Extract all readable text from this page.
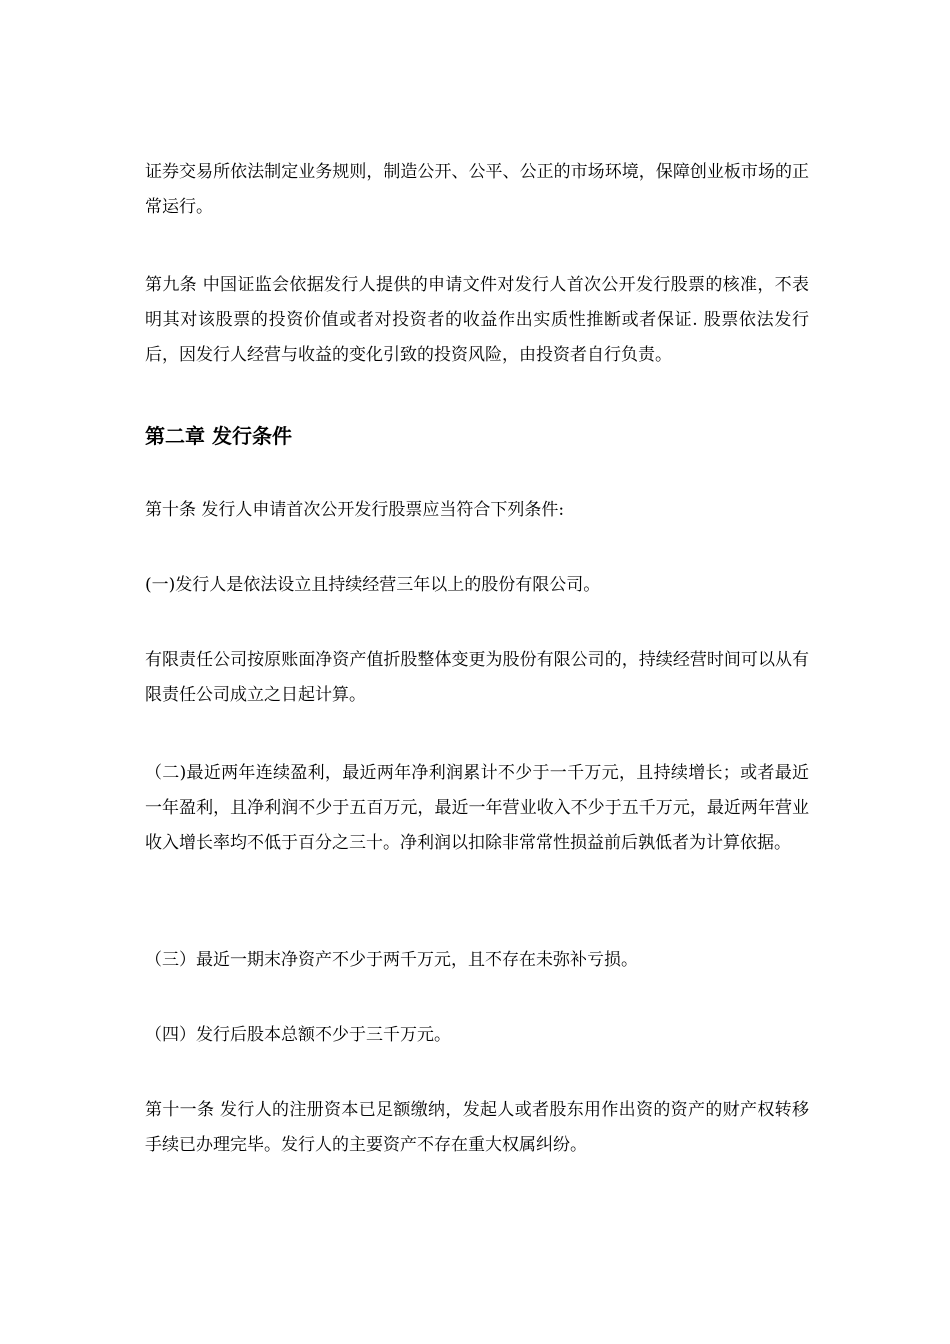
证券交易所依法制定业务规则，制造公开、公平、公正的市场环境，保障创业板市场的正常运行。

第九条 中国证监会依据发行人提供的申请文件对发行人首次公开发行股票的核准，不表明其对该股票的投资价值或者对投资者的收益作出实质性推断或者保证. 股票依法发行后，因发行人经营与收益的变化引致的投资风险，由投资者自行负责。

第二章 发行条件

第十条 发行人申请首次公开发行股票应当符合下列条件:

(一)发行人是依法设立且持续经营三年以上的股份有限公司。

有限责任公司按原账面净资产值折股整体变更为股份有限公司的，持续经营时间可以从有限责任公司成立之日起计算。

（二)最近两年连续盈利，最近两年净利润累计不少于一千万元，且持续增长；或者最近一年盈利，且净利润不少于五百万元，最近一年营业收入不少于五千万元，最近两年营业收入增长率均不低于百分之三十。净利润以扣除非常常性损益前后孰低者为计算依据。

（三）最近一期末净资产不少于两千万元，且不存在未弥补亏损。

（四）发行后股本总额不少于三千万元。

第十一条 发行人的注册资本已足额缴纳，发起人或者股东用作出资的资产的财产权转移手续已办理完毕。发行人的主要资产不存在重大权属纠纷。
